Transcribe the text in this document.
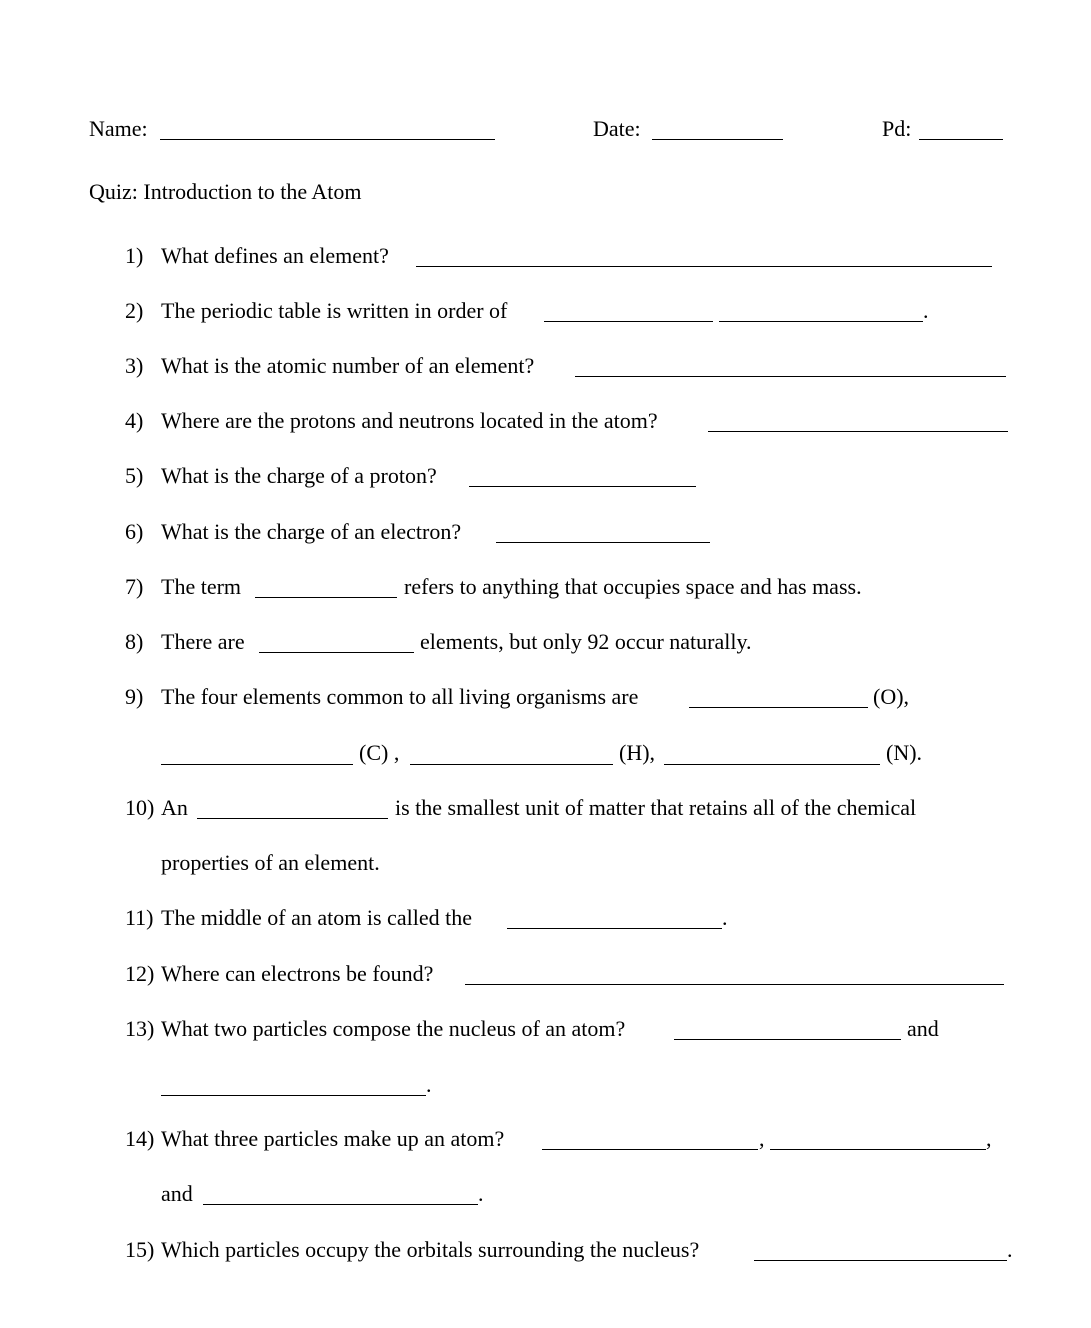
Name:	Date:	Pd:
Quiz: Introduction to the Atom
1) What defines an element?
2) The periodic table is written in order of	.
3) What is the atomic number of an element?
4) Where are the protons and neutrons located in the atom?
5) What is the charge of a proton?
6) What is the charge of an electron?
7) The term	refers to anything that occupies space and has mass.
8) There are	elements, but only 92 occur naturally.
9) The four elements common to all living organisms are	(O),
(C) ,	(H),	(N).
10) An	is the smallest unit of matter that retains all of the chemical
properties of an element.
11) The middle of an atom is called the	.
12) Where can electrons be found?
13) What two particles compose the nucleus of an atom?	and
.
14) What three particles make up an atom?	,	,
and	.
15) Which particles occupy the orbitals surrounding the nucleus?	.
